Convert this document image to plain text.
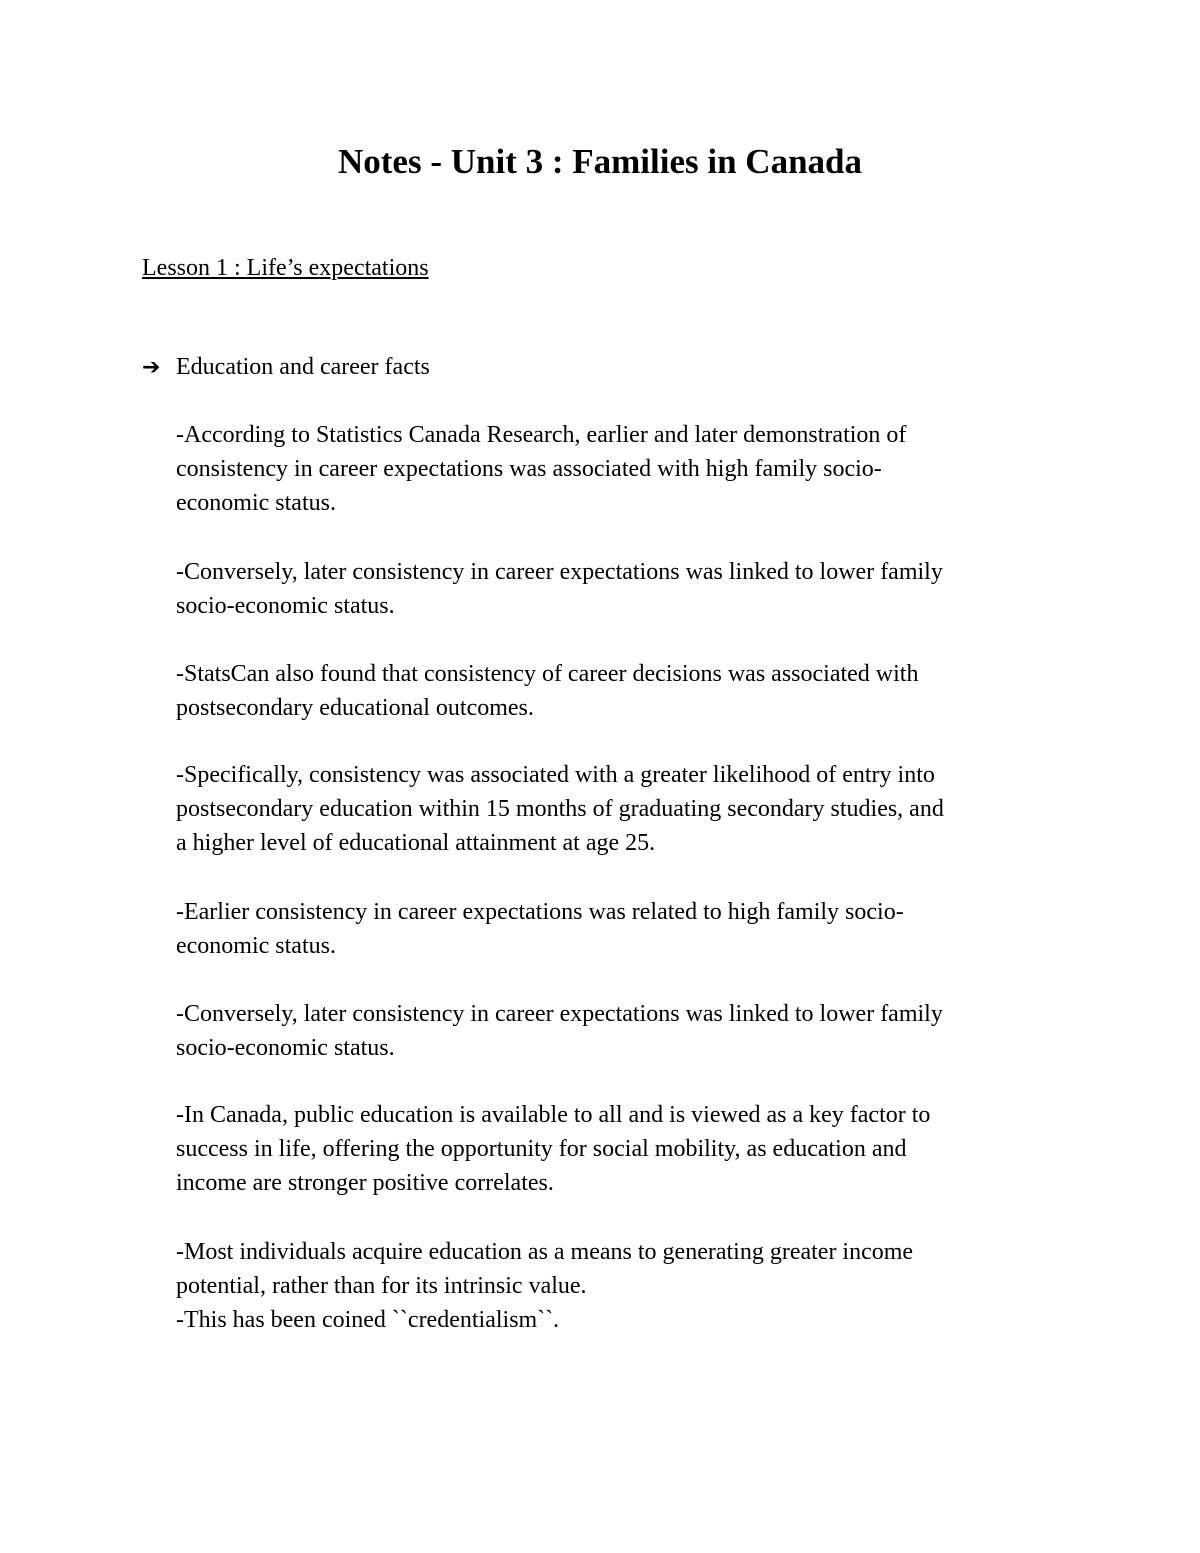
Notes - Unit 3 : Families in Canada

Lesson 1 : Life’s expectations

➔ Education and career facts

-According to Statistics Canada Research, earlier and later demonstration of
consistency in career expectations was associated with high family socio-
economic status.
-Conversely, later consistency in career expectations was linked to lower family
socio-economic status.
-StatsCan also found that consistency of career decisions was associated with
postsecondary educational outcomes.
-Specifically, consistency was associated with a greater likelihood of entry into
postsecondary education within 15 months of graduating secondary studies, and
a higher level of educational attainment at age 25.
-Earlier consistency in career expectations was related to high family socio-
economic status.
-Conversely, later consistency in career expectations was linked to lower family
socio-economic status.
-In Canada, public education is available to all and is viewed as a key factor to
success in life, offering the opportunity for social mobility, as education and
income are stronger positive correlates.
-Most individuals acquire education as a means to generating greater income
potential, rather than for its intrinsic value.
-This has been coined ``credentialism``.
